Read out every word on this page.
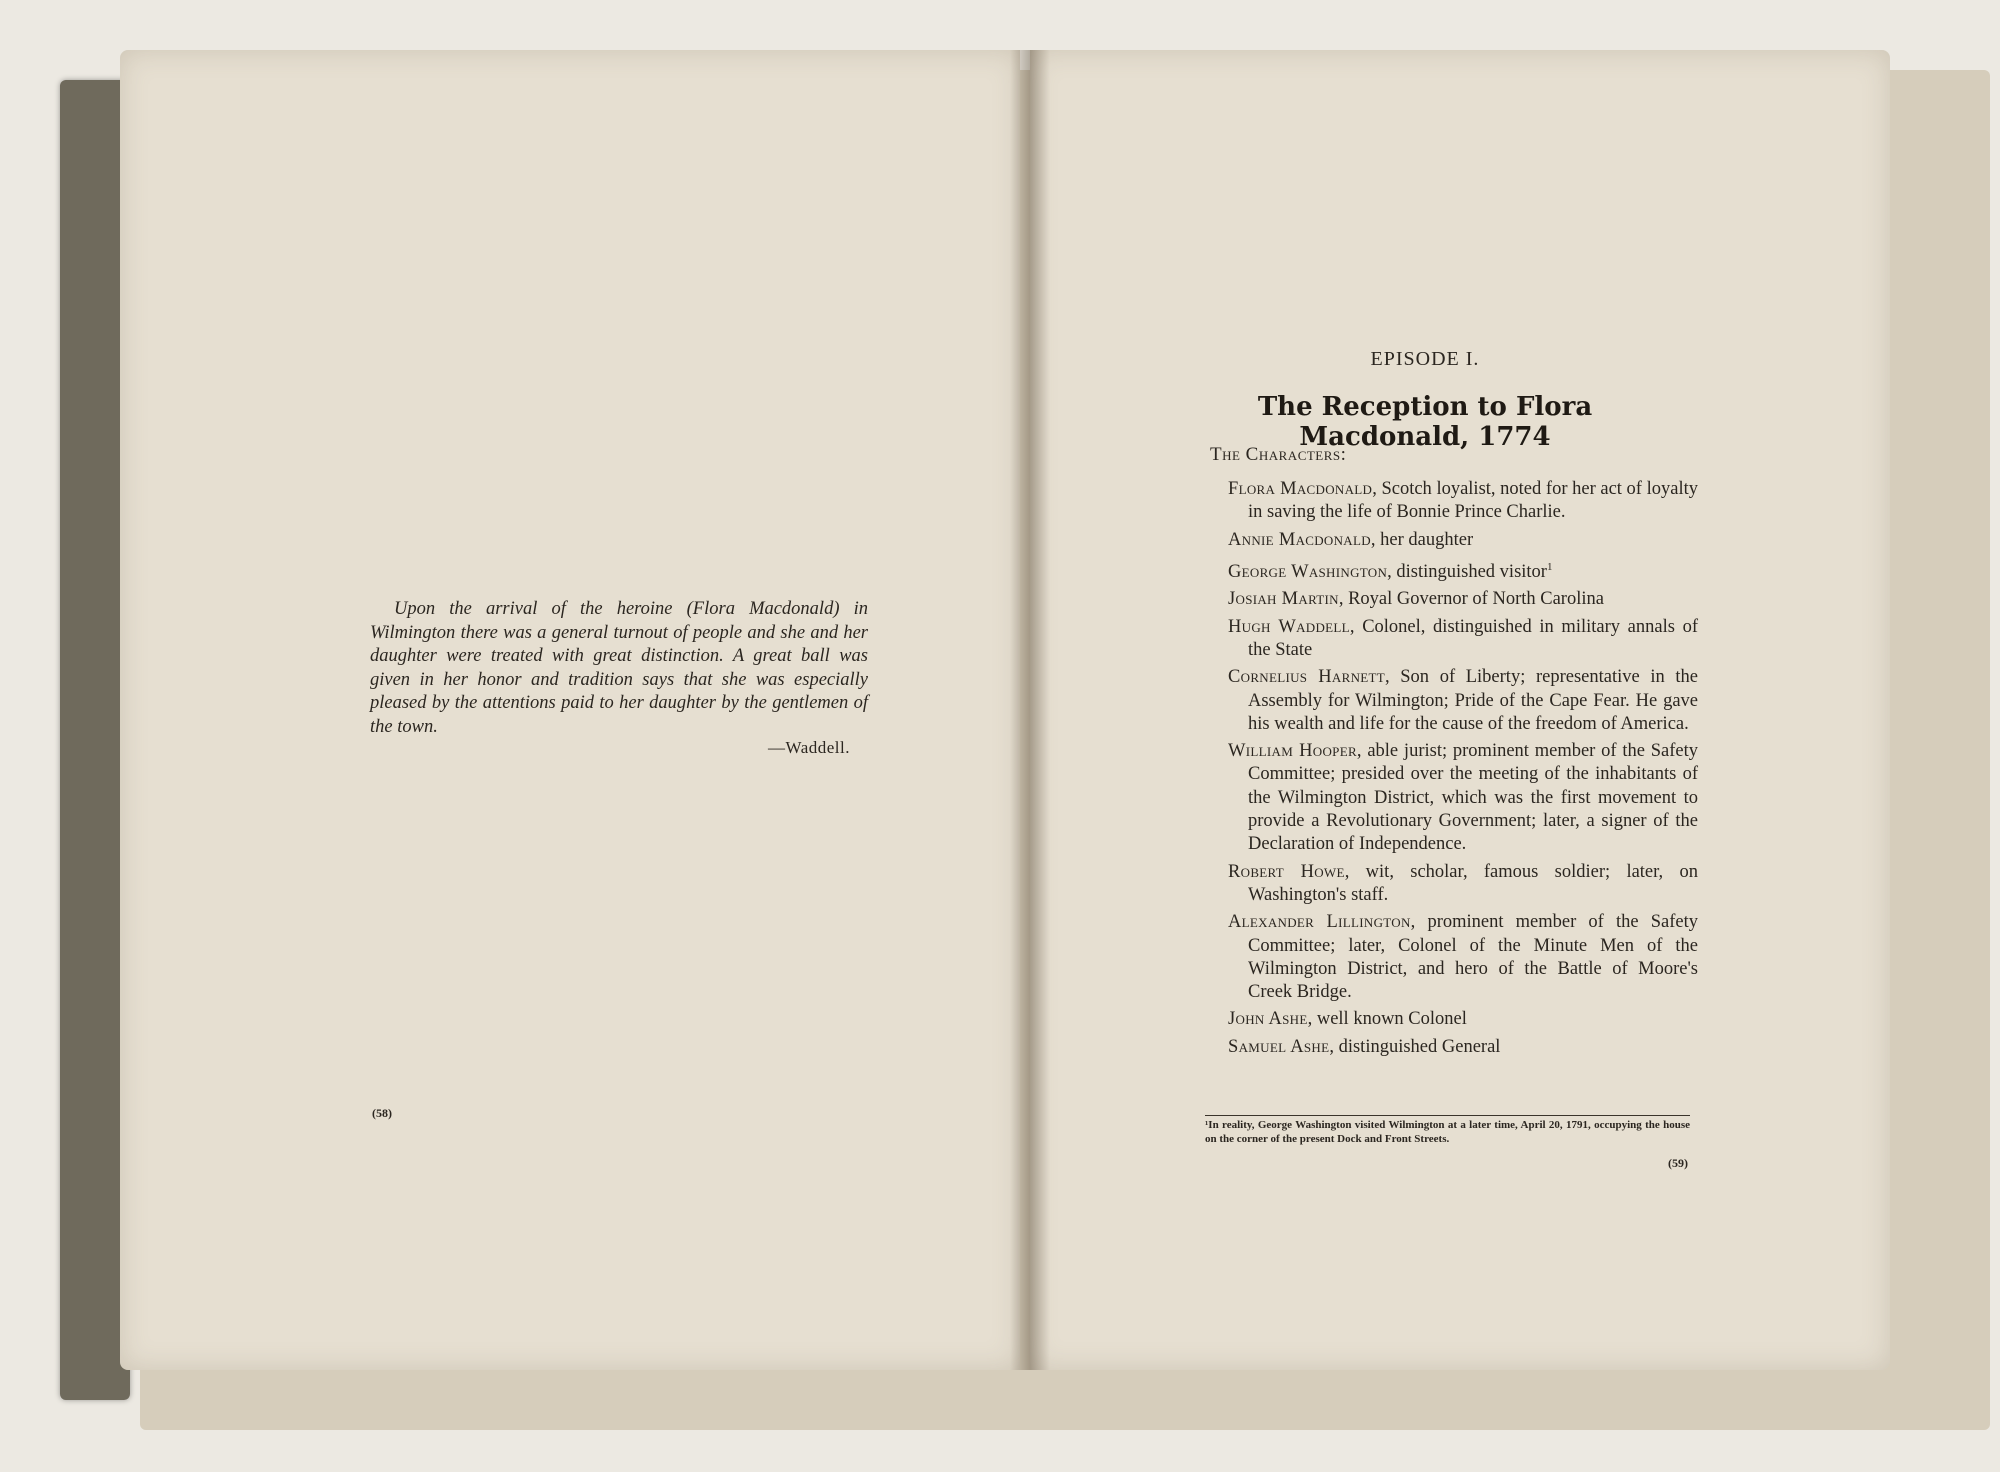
Upon the arrival of the heroine (Flora Macdonald) in Wilmington there was a general turnout of people and she and her daughter were treated with great distinction. A great ball was given in her honor and tradition says that she was especially pleased by the attentions paid to her daughter by the gentlemen of the town.
—Waddell.
(58)
EPISODE I.
The Reception to Flora Macdonald, 1774
The Characters:
Flora Macdonald, Scotch loyalist, noted for her act of loyalty in saving the life of Bonnie Prince Charlie.
Annie Macdonald, her daughter
George Washington, distinguished visitor$^1$
Josiah Martin, Royal Governor of North Carolina
Hugh Waddell, Colonel, distinguished in military annals of the State
Cornelius Harnett, Son of Liberty; representative in the Assembly for Wilmington; Pride of the Cape Fear. He gave his wealth and life for the cause of the freedom of America.
William Hooper, able jurist; prominent member of the Safety Committee; presided over the meeting of the inhabitants of the Wilmington District, which was the first movement to provide a Revolutionary Government; later, a signer of the Declaration of Independence.
Robert Howe, wit, scholar, famous soldier; later, on Washington's staff.
Alexander Lillington, prominent member of the Safety Committee; later, Colonel of the Minute Men of the Wilmington District, and hero of the Battle of Moore's Creek Bridge.
John Ashe, well known Colonel
Samuel Ashe, distinguished General
¹In reality, George Washington visited Wilmington at a later time, April 20, 1791, occupying the house on the corner of the present Dock and Front Streets.
(59)
